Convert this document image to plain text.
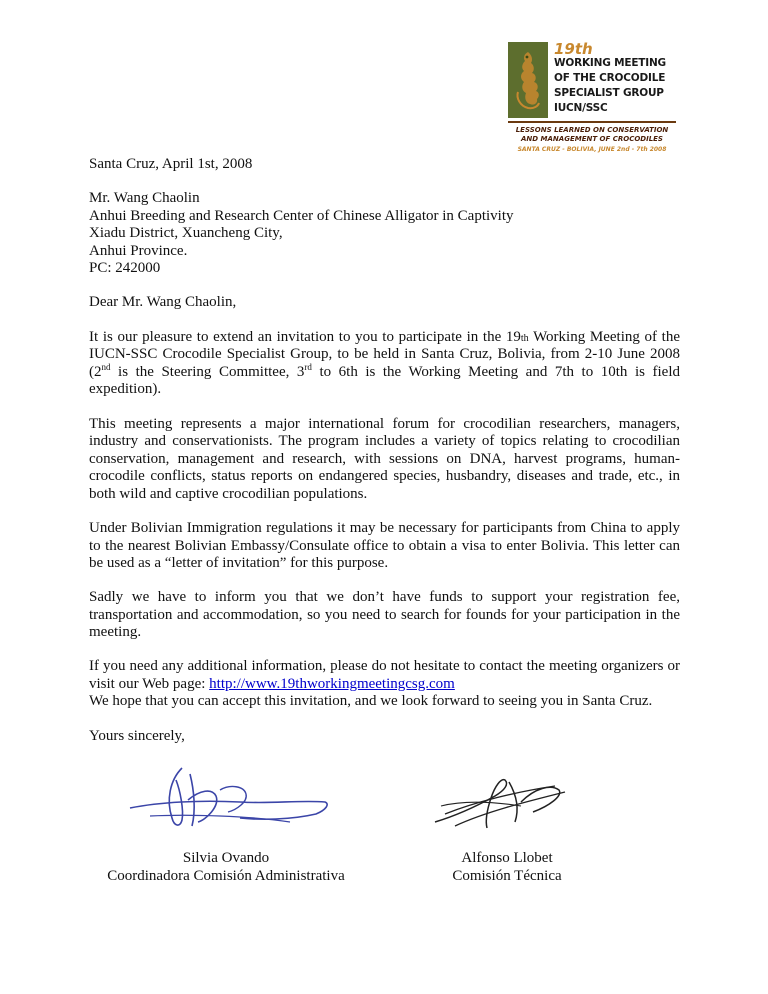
19th
WORKING MEETING
OF THE CROCODILE
SPECIALIST GROUP
IUCN/SSC
LESSONS LEARNED ON CONSERVATION
AND MANAGEMENT OF CROCODILES
SANTA CRUZ - BOLIVIA, JUNE 2nd - 7th 2008
Santa Cruz, April 1st, 2008
Mr. Wang Chaolin
Anhui Breeding and Research Center of Chinese Alligator in Captivity
Xiadu District, Xuancheng City,
Anhui Province.
PC: 242000
Dear Mr. Wang Chaolin,
It is our pleasure to extend an invitation to you to participate in the 19th Working Meeting of the
IUCN-SSC Crocodile Specialist Group, to be held in Santa Cruz, Bolivia, from 2-10 June 2008
(2nd is the Steering Committee, 3rd to 6th is the Working Meeting and 7th to 10th is field
expedition).
This meeting represents a major international forum for crocodilian researchers, managers,
industry and conservationists. The program includes a variety of topics relating to crocodilian
conservation, management and research, with sessions on DNA, harvest programs, human-
crocodile conflicts, status reports on endangered species, husbandry, diseases and trade, etc., in
both wild and captive crocodilian populations.
Under Bolivian Immigration regulations it may be necessary for participants from China to apply
to the nearest Bolivian Embassy/Consulate office to obtain a visa to enter Bolivia. This letter can
be used as a “letter of invitation” for this purpose.
Sadly we have to inform you that we don’t have funds to support your registration fee,
transportation and accommodation, so you need to search for founds for your participation in the
meeting.
If you need any additional information, please do not hesitate to contact the meeting organizers or
visit our Web page: http://www.19thworkingmeetingcsg.com
We hope that you can accept this invitation, and we look forward to seeing you in Santa Cruz.
Yours sincerely,
Silvia Ovando
Coordinadora Comisión Administrativa
Alfonso Llobet
Comisión Técnica
